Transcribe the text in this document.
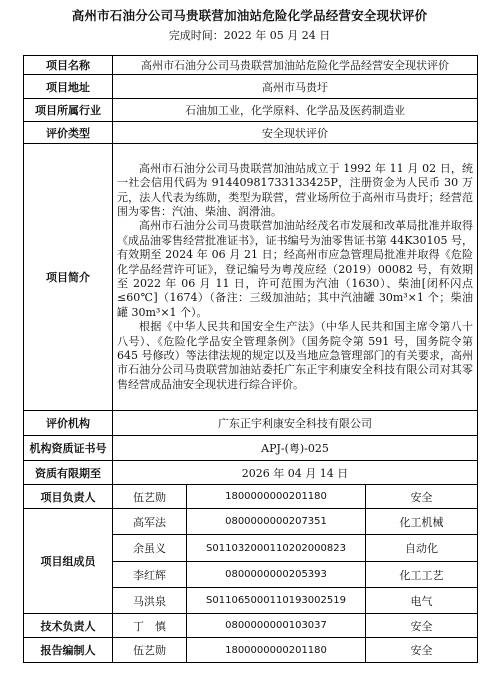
高州市石油分公司马贵联营加油站危险化学品经营安全现状评价
完成时间：2022 年 05 月 24 日
项目名称	高州市石油分公司马贵联营加油站危险化学品经营安全现状评价		
项目地址	高州市马贵圩		
项目所属行业	石油加工业，化学原料、化学品及医药制造业		
评价类型	安全现状评价		
项目简介	高州市石油分公司马贵联营加油站成立于 1992 年 11 月 02 日，统一社会信用代码为 91440981733133425P，注册资金为人民币 30 万元，法人代表为练勋，类型为联营，营业场所位于高州市马贵圩；经营范围为零售：汽油、柴油、润滑油。

高州市石油分公司马贵联营加油站经茂名市发展和改革局批准并取得《成品油零售经营批准证书》，证书编号为油零售证书第 44K30105 号，有效期至 2024 年 06 月 21 日；经高州市应急管理局批准并取得《危险化学品经营许可证》，登记编号为粤茂应经（2019）00082 号，有效期至 2022 年 06 月 11 日，许可范围为汽油（1630）、柴油[闭杯闪点≤60℃]（1674）（备注：三级加油站；其中汽油罐 30m³×1 个；柴油罐 30m³×1 个）。

根据《中华人民共和国安全生产法》（中华人民共和国主席令第八十八号）、《危险化学品安全管理条例》（国务院令第 591 号，国务院令第 645 号修改）等法律法规的规定以及当地应急管理部门的有关要求，高州市石油分公司马贵联营加油站委托广东正宇利康安全科技有限公司对其零售经营成品油安全现状进行综合评价。		

评价机构	广东正宇利康安全科技有限公司		
机构资质证书号	APJ-(粤)-025		
资质有限期至	2026 年 04 月 14 日		
项目负责人	伍艺勋	1800000000201180	安全
项目组成员	高军法	0800000000207351	化工机械
	余虽义	S011032000110202000823	自动化
	李红辉	0800000000205393	化工工艺
	马洪泉	S011065000110193002519	电气
技术负责人	丁　慎	0800000000103037	安全
报告编制人	伍艺勋	1800000000201180	安全
